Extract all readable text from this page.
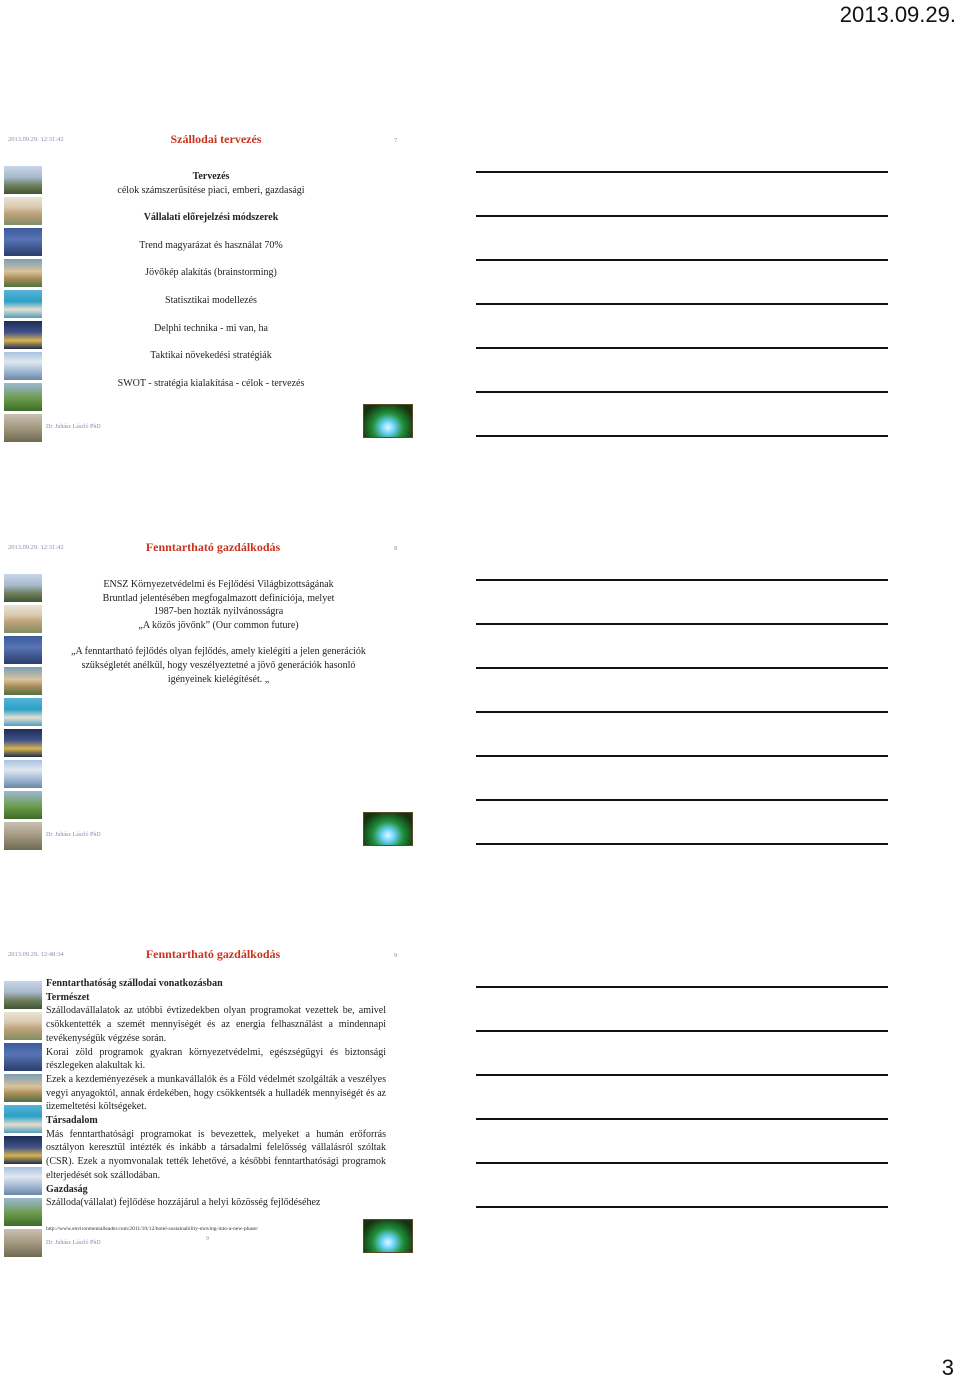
2013.09.29.
2013.09.29. 12:31:42	Szállodai tervezés	7
Tervezés
célok számszerűsítése piaci, emberi, gazdasági
Vállalati előrejelzési módszerek
Trend magyarázat és használat 70%
Jövőkép alakítás (brainstorming)
Statisztikai modellezés
Delphi technika - mi van, ha
Taktikai növekedési stratégiák
SWOT - stratégia kialakítása - célok - tervezés
Dr. Juhász László PhD
2013.09.29. 12:31:42	Fenntartható gazdálkodás	8
ENSZ Környezetvédelmi és Fejlődési Világbizottságának
Bruntlad jelentésében megfogalmazott definíciója, melyet
1987-ben hozták nyilvánosságra
„A közös jövőnk” (Our common future)
„A fenntartható fejlődés olyan fejlődés, amely kielégíti a jelen generációk
szükségletét anélkül, hogy veszélyeztetné a jövő generációk hasonló
igényeinek kielégítését. „
Dr. Juhász László PhD
2013.09.29. 12:48:34	Fenntartható gazdálkodás	9
Fenntarthatóság szállodai vonatkozásban
Természet
Szállodavállalatok az utóbbi évtizedekben olyan programokat vezettek be, amivel csökkentették a szemét mennyiségét és az energia felhasználást a mindennapi tevékenységük végzése során.
Korai zöld programok gyakran környezetvédelmi, egészségügyi és biztonsági részlegeken alakultak ki.
Ezek a kezdeményezések a munkavállalók és a Föld védelmét szolgálták a veszélyes vegyi anyagoktól, annak érdekében, hogy csökkentsék a hulladék mennyiségét és az üzemeltetési költségeket.
Társadalom
Más fenntarthatósági programokat is bevezettek, melyeket a humán erőforrás osztályon keresztül intézték és inkább a társadalmi felelősség vállalásról szóltak (CSR). Ezek a nyomvonalak tették lehetővé, a későbbi fenntarthatósági programok elterjedését sok szállodában.
Gazdaság
Szálloda(vállalat) fejlődése hozzájárul a helyi közösség fejlődéséhez
http://www.environmentalleader.com/2011/10/12/hotel-sustainability-moving-into-a-new-phase/
9
Dr. Juhász László PhD
3
